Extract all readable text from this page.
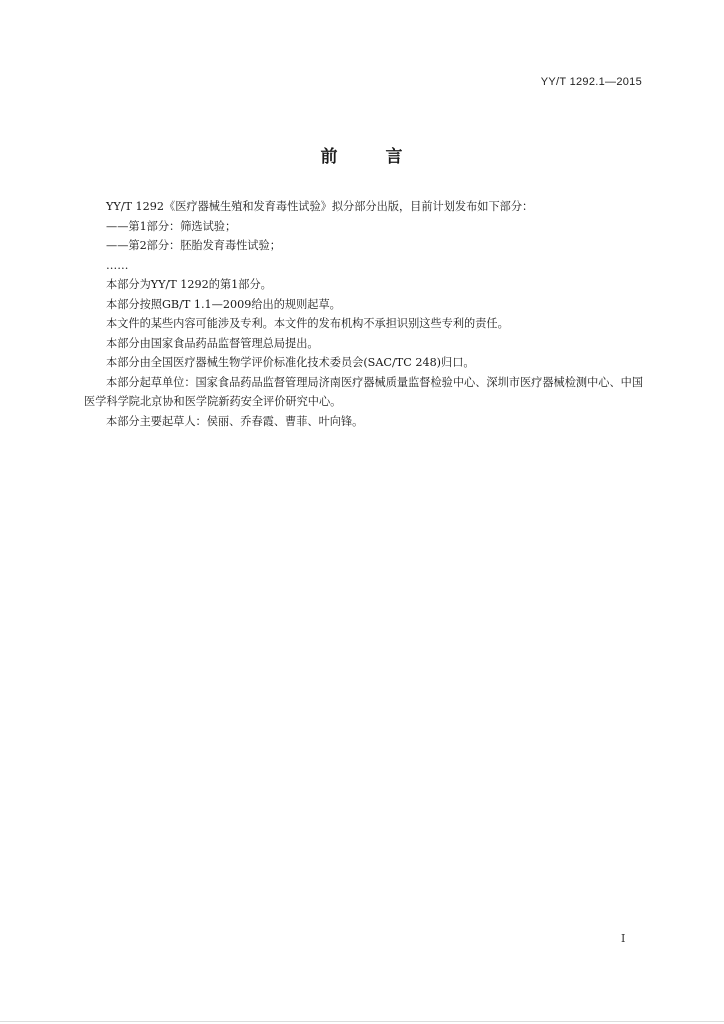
YY/T 1292.1—2015
前 言

YY/T 1292《医疗器械生殖和发育毒性试验》拟分部分出版，目前计划发布如下部分：

——第1部分：筛选试验；

——第2部分：胚胎发育毒性试验；

……

本部分为YY/T 1292的第1部分。

本部分按照GB/T 1.1—2009给出的规则起草。

本文件的某些内容可能涉及专利。本文件的发布机构不承担识别这些专利的责任。

本部分由国家食品药品监督管理总局提出。

本部分由全国医疗器械生物学评价标准化技术委员会(SAC/TC 248)归口。

本部分起草单位：国家食品药品监督管理局济南医疗器械质量监督检验中心、深圳市医疗器械检测中心、中国医学科学院北京协和医学院新药安全评价研究中心。

本部分主要起草人：侯丽、乔春霞、曹菲、叶向锋。

I
